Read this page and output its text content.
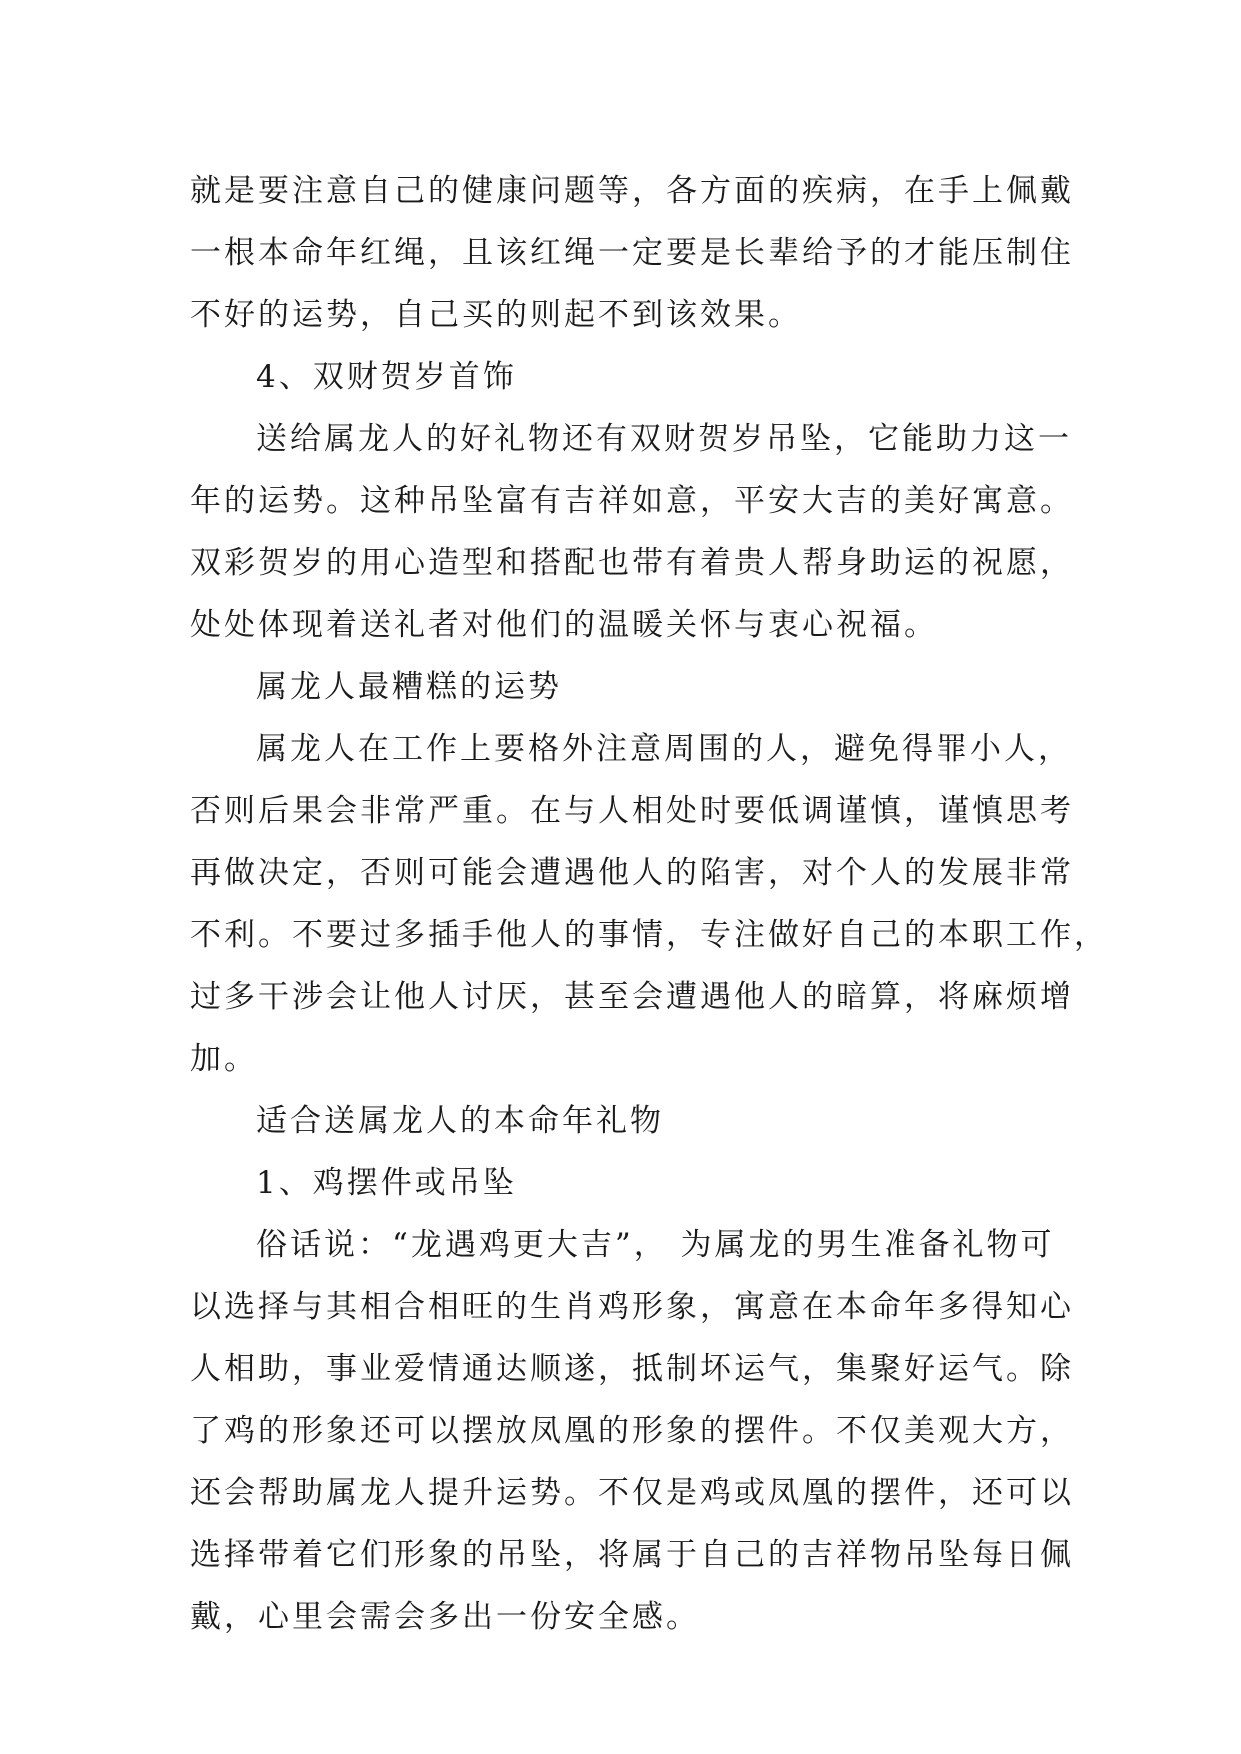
就是要注意自己的健康问题等，各方面的疾病，在手上佩戴
一根本命年红绳，且该红绳一定要是长辈给予的才能压制住
不好的运势，自己买的则起不到该效果。
4、双财贺岁首饰
送给属龙人的好礼物还有双财贺岁吊坠，它能助力这一
年的运势。这种吊坠富有吉祥如意，平安大吉的美好寓意。
双彩贺岁的用心造型和搭配也带有着贵人帮身助运的祝愿，
处处体现着送礼者对他们的温暖关怀与衷心祝福。
属龙人最糟糕的运势
属龙人在工作上要格外注意周围的人，避免得罪小人，
否则后果会非常严重。在与人相处时要低调谨慎，谨慎思考
再做决定，否则可能会遭遇他人的陷害，对个人的发展非常
不利。不要过多插手他人的事情，专注做好自己的本职工作，
过多干涉会让他人讨厌，甚至会遭遇他人的暗算，将麻烦增
加。
适合送属龙人的本命年礼物
1、鸡摆件或吊坠
俗话说：“龙遇鸡更大吉”， 为属龙的男生准备礼物可
以选择与其相合相旺的生肖鸡形象，寓意在本命年多得知心
人相助，事业爱情通达顺遂，抵制坏运气，集聚好运气。除
了鸡的形象还可以摆放凤凰的形象的摆件。不仅美观大方，
还会帮助属龙人提升运势。不仅是鸡或凤凰的摆件，还可以
选择带着它们形象的吊坠，将属于自己的吉祥物吊坠每日佩
戴，心里会需会多出一份安全感。
